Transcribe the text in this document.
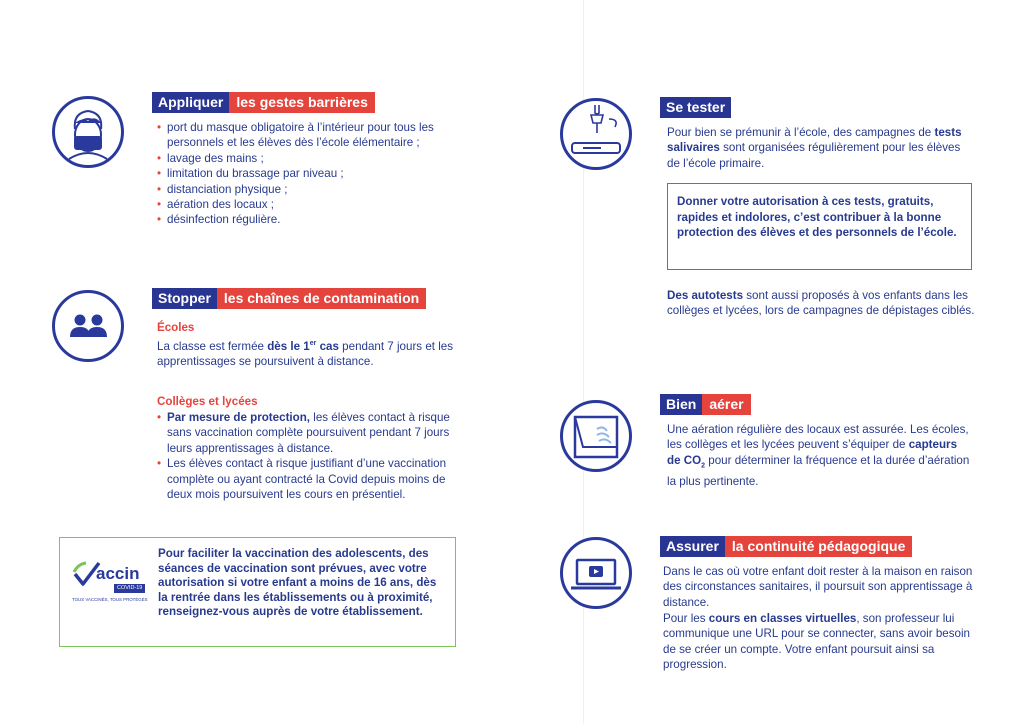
Appliquer les gestes barrières
• port du masque obligatoire à l’intérieur pour tous les personnels et les élèves dès l’école élémentaire ;
• lavage des mains ;
• limitation du brassage par niveau ;
• distanciation physique ;
• aération des locaux ;
• désinfection régulière.
Stopper les chaînes de contamination
Écoles
La classe est fermée dès le 1er cas pendant 7 jours et les apprentissages se poursuivent à distance.
Collèges et lycées
• Par mesure de protection, les élèves contact à risque sans vaccination complète poursuivent pendant 7 jours leurs apprentissages à distance.
• Les élèves contact à risque justifiant d’une vaccination complète ou ayant contracté la Covid depuis moins de deux mois poursuivent les cours en présentiel.
accin
COVID-19
TOUS VACCINÉS, TOUS PROTÉGÉS
Pour faciliter la vaccination des adolescents, des séances de vaccination sont prévues, avec votre autorisation si votre enfant a moins de 16 ans, dès la rentrée dans les établissements ou à proximité, renseignez-vous auprès de votre établissement.
Se tester
Pour bien se prémunir à l’école, des campagnes de tests salivaires sont organisées régulièrement pour les élèves de l’école primaire.
Donner votre autorisation à ces tests, gratuits, rapides et indolores, c’est contribuer à la bonne protection des élèves et des personnels de l’école.
Des autotests sont aussi proposés à vos enfants dans les collèges et lycées, lors de campagnes de dépistages ciblés.
Bien aérer
Une aération régulière des locaux est assurée. Les écoles, les collèges et les lycées peuvent s’équiper de capteurs de $CO_2$ pour déterminer la fréquence et la durée d’aération la plus pertinente.
Assurer la continuité pédagogique
Dans le cas où votre enfant doit rester à la maison en raison des circonstances sanitaires, il poursuit son apprentissage à distance.
Pour les cours en classes virtuelles, son professeur lui communique une URL pour se connecter, sans avoir besoin de se créer un compte. Votre enfant poursuit ainsi sa progression.
